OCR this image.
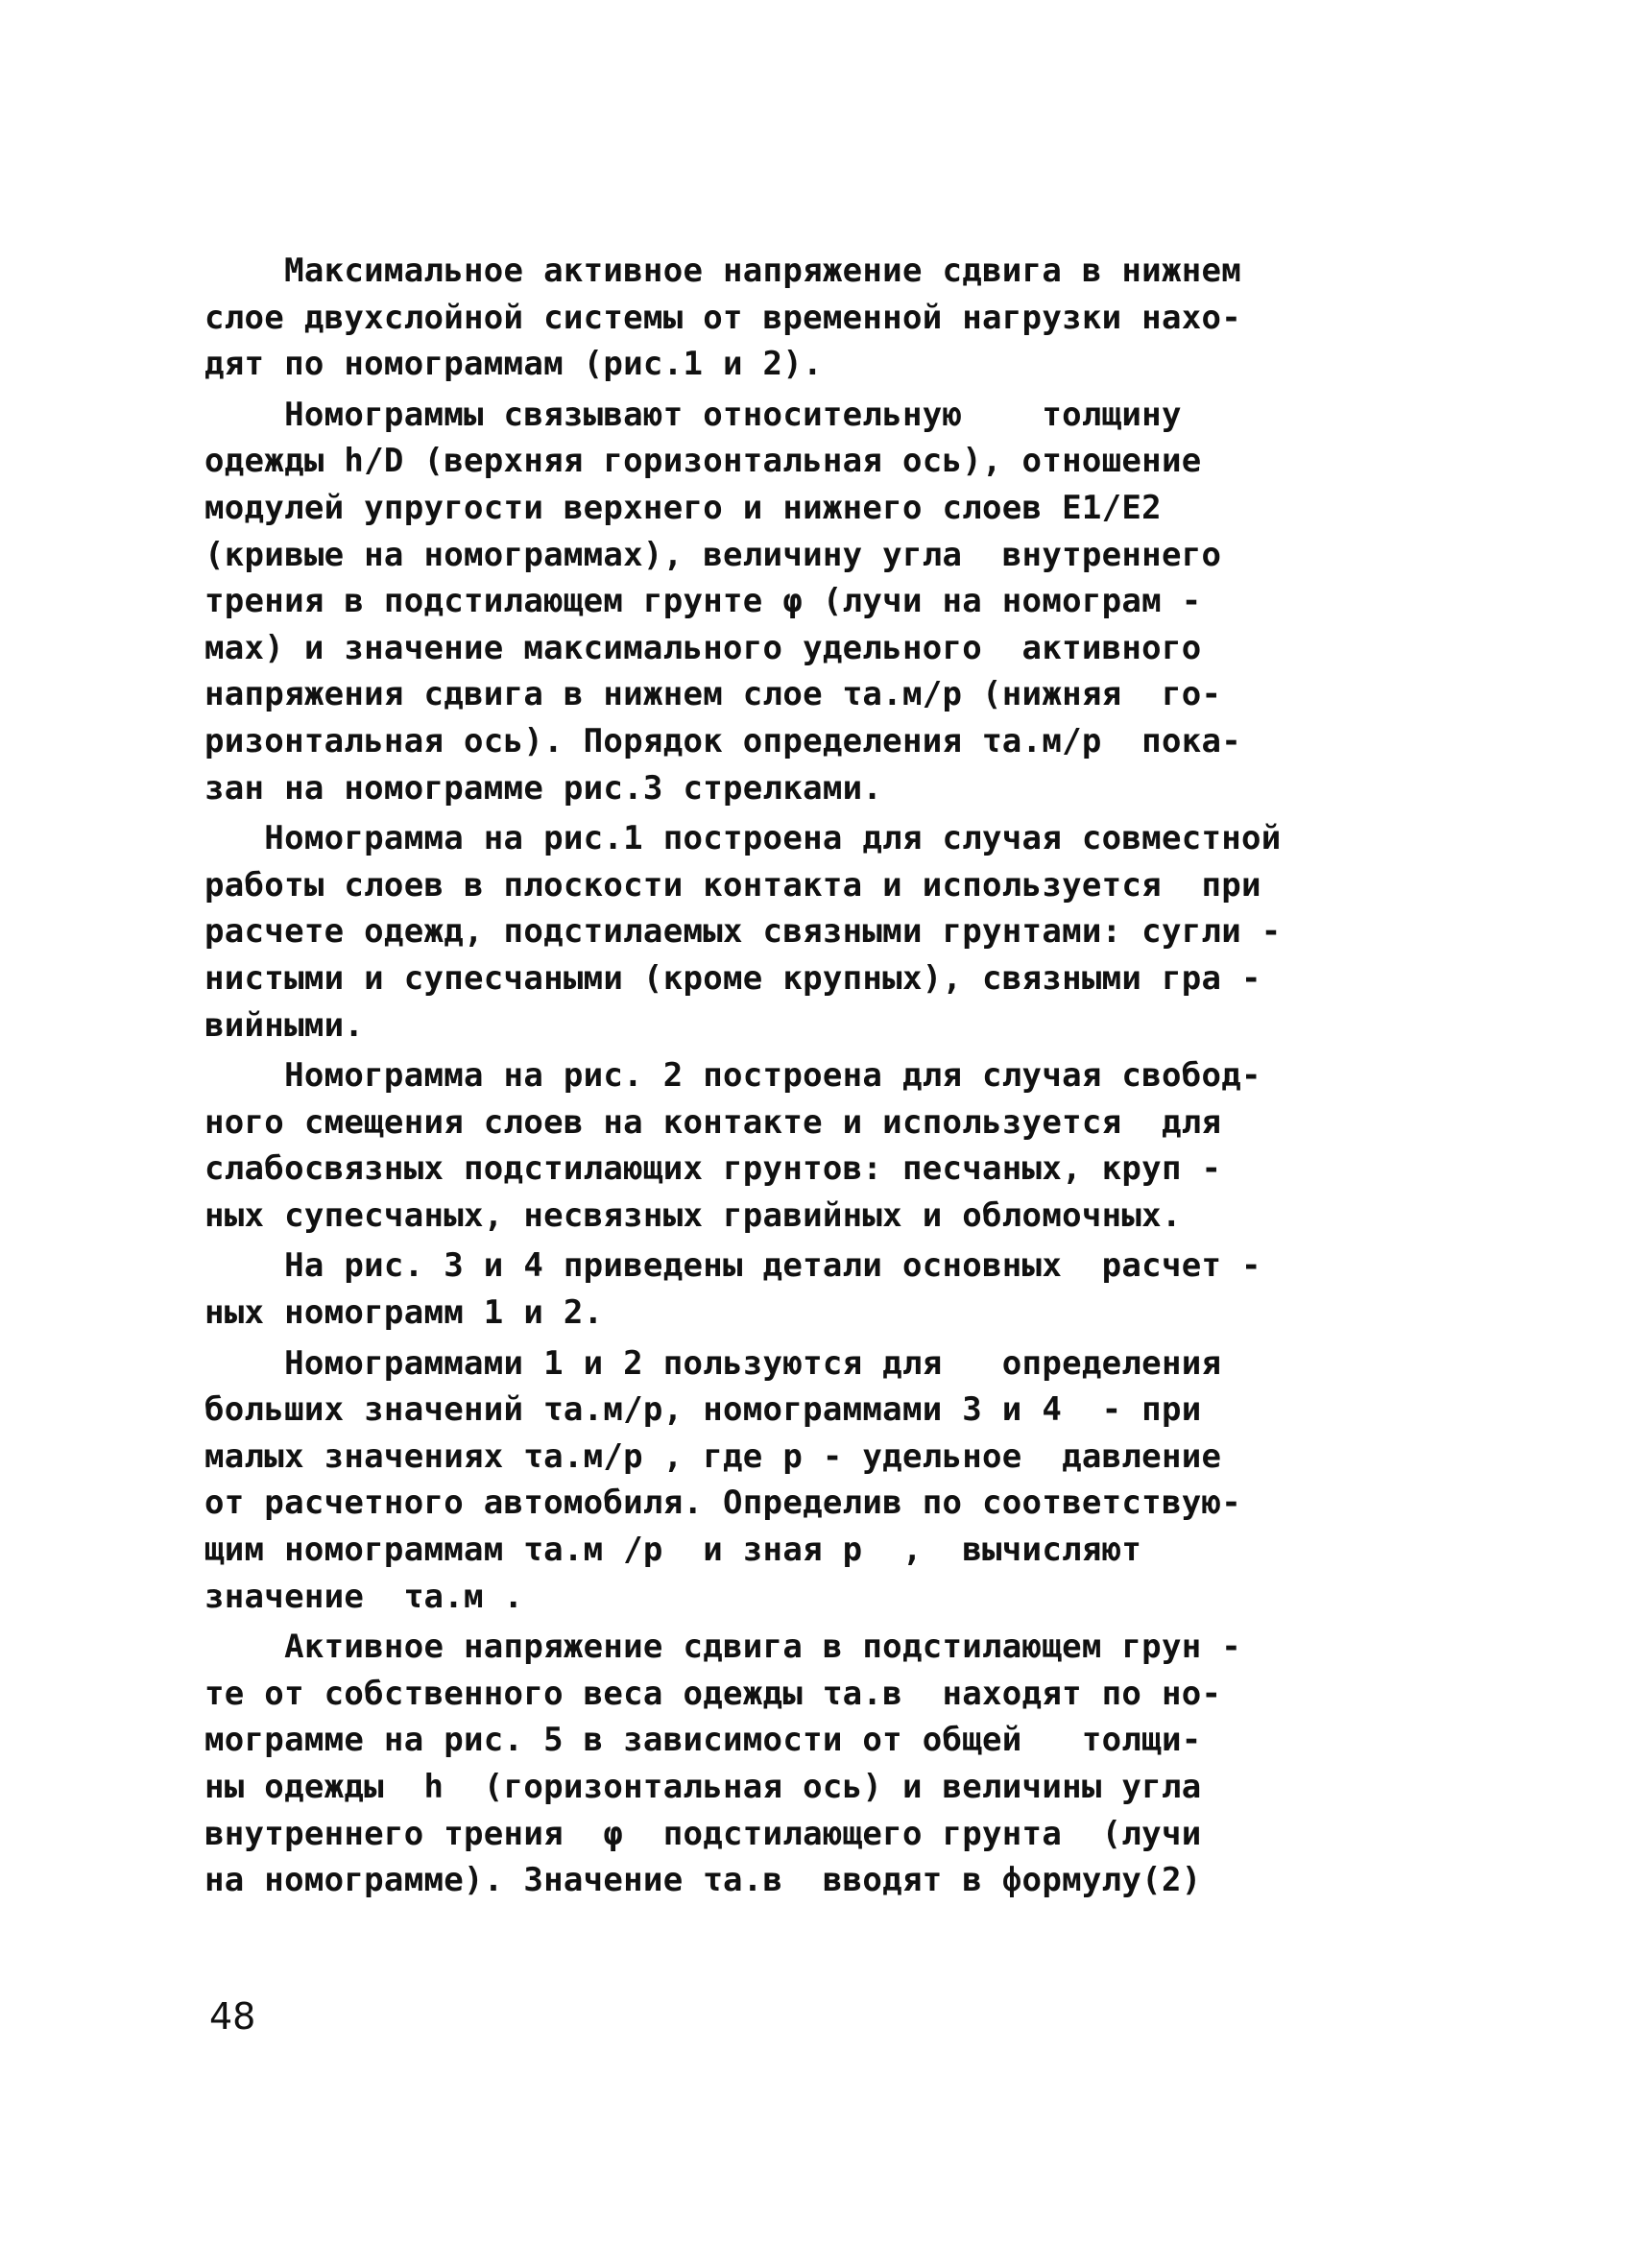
Максимальное активное напряжение сдвига в нижнем
слое двухслойной системы от временной нагрузки нахо-
дят по номограммам (рис.1 и 2).

Номограммы связывают относительную    толщину
одежды h/D (верхняя горизонтальная ось), отношение
модулей упругости верхнего и нижнего слоев E1/E2
(кривые на номограммах), величину угла  внутреннего
трения в подстилающем грунте φ (лучи на номограм -
мах) и значение максимального удельного  активного
напряжения сдвига в нижнем слое τа.м/p (нижняя  го-
ризонтальная ось). Порядок определения τа.м/p  пока-
зан на номограмме рис.3 стрелками.

Номограмма на рис.1 построена для случая совместной
работы слоев в плоскости контакта и используется  при
расчете одежд, подстилаемых связными грунтами: сугли -
нистыми и супесчаными (кроме крупных), связными гра -
вийными.

Номограмма на рис. 2 построена для случая свобод-
ного смещения слоев на контакте и используется  для
слабосвязных подстилающих грунтов: песчаных, круп -
ных супесчаных, несвязных гравийных и обломочных.

На рис. 3 и 4 приведены детали основных  расчет -
ных номограмм 1 и 2.

Номограммами 1 и 2 пользуются для   определения
больших значений τа.м/p, номограммами 3 и 4  - при
малых значениях τа.м/p , где p - удельное  давление
от расчетного автомобиля. Определив по соответствую-
щим номограммам τа.м /p  и зная p  ,  вычисляют
значение  τа.м .

Активное напряжение сдвига в подстилающем грун -
те от собственного веса одежды τа.в  находят по но-
мограмме на рис. 5 в зависимости от общей   толщи-
ны одежды  h  (горизонтальная ось) и величины угла
внутреннего трения  φ  подстилающего грунта  (лучи
на номограмме). Значение τа.в  вводят в формулу(2)

48
